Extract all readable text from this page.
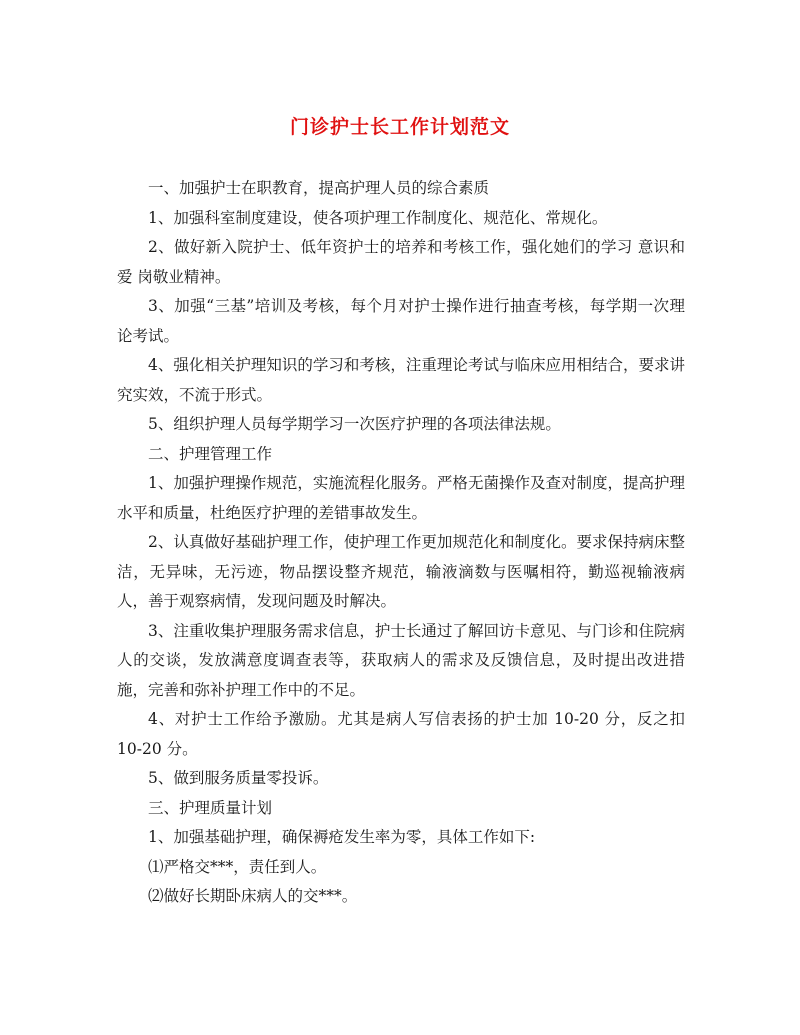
门诊护士长工作计划范文

一、加强护士在职教育，提高护理人员的综合素质

1、加强科室制度建设，使各项护理工作制度化、规范化、常规化。

2、做好新入院护士、低年资护士的培养和考核工作，强化她们的学习 意识和爱 岗敬业精神。

3、加强“三基”培训及考核，每个月对护士操作进行抽查考核，每学期一次理论考试。

4、强化相关护理知识的学习和考核，注重理论考试与临床应用相结合，要求讲究实效，不流于形式。

5、组织护理人员每学期学习一次医疗护理的各项法律法规。

二、护理管理工作

1、加强护理操作规范，实施流程化服务。严格无菌操作及查对制度，提高护理水平和质量，杜绝医疗护理的差错事故发生。

2、认真做好基础护理工作，使护理工作更加规范化和制度化。要求保持病床整洁，无异味，无污迹，物品摆设整齐规范，输液滴数与医嘱相符，勤巡视输液病人，善于观察病情，发现问题及时解决。

3、注重收集护理服务需求信息，护士长通过了解回访卡意见、与门诊和住院病人的交谈，发放满意度调查表等，获取病人的需求及反馈信息，及时提出改进措施，完善和弥补护理工作中的不足。

4、对护士工作给予激励。尤其是病人写信表扬的护士加 10-20 分，反之扣10-20 分。

5、做到服务质量零投诉。

三、护理质量计划

1、加强基础护理，确保褥疮发生率为零，具体工作如下:

⑴严格交***，责任到人。

⑵做好长期卧床病人的交***。
